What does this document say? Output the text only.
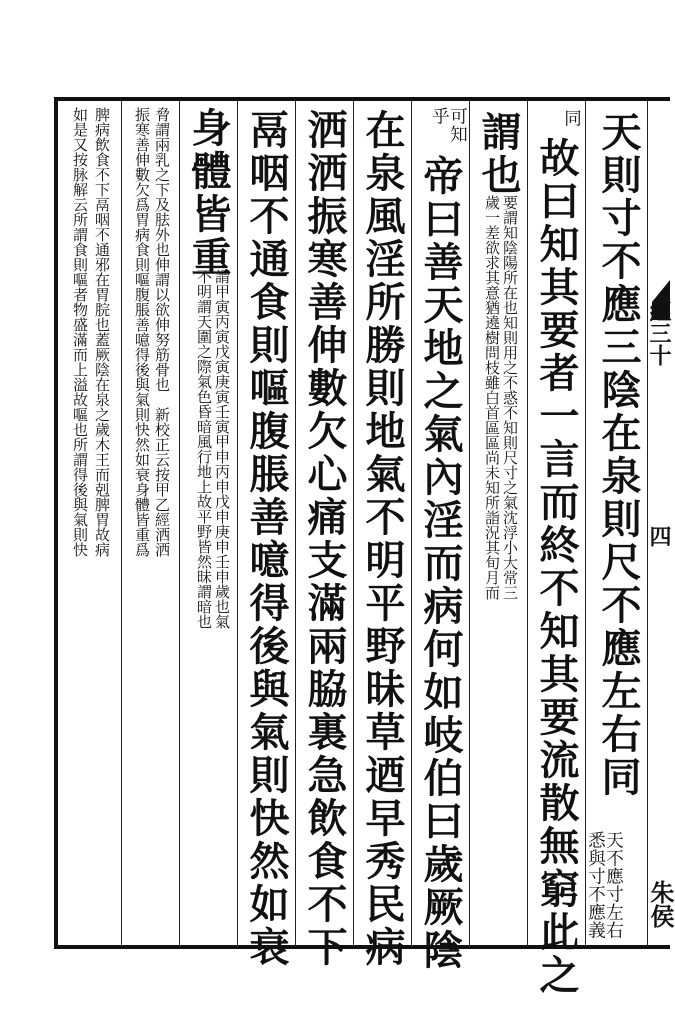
經三十
四
朱侯
天則寸不應三陰在泉則尺不應左右同
天不應寸左右
悉與寸不應義
同
故曰知其要者一言而終不知其要流散無窮此之
謂也
要謂知陰陽所在也知則用之不惑不知則尺寸之氣沈浮小大常三
歲一差欲求其意猶遶樹問枝雖白首區區尚未知所詣況其旬月而
可知
乎
帝曰善天地之氣內淫而病何如岐伯曰歲厥陰
在泉風淫所勝則地氣不明平野昧草迺早秀民病
洒洒振寒善伸數欠心痛支滿兩脇裏急飲食不下
鬲咽不通食則嘔腹脹善噫得後與氣則快然如衰
身體皆重
謂甲寅丙寅戊寅庚寅壬寅甲申丙申戊申庚申壬申歲也氣
不明謂天圍之際氣色昏暗風行地上故平野皆然昧謂暗也
脅謂兩乳之下及胠外也伸謂以欲伸努筋骨也　新校正云按甲乙經洒洒
振寒善伸數欠爲胃病食則嘔腹脹善噫得後與氣則快然如衰身體皆重爲
脾病飲食不下鬲咽不通邪在胃脘也蓋厥陰在泉之歲木王而剋脾胃故病
如是又按脉解云所謂食則嘔者物盛滿而上溢故嘔也所謂得後與氣則快
